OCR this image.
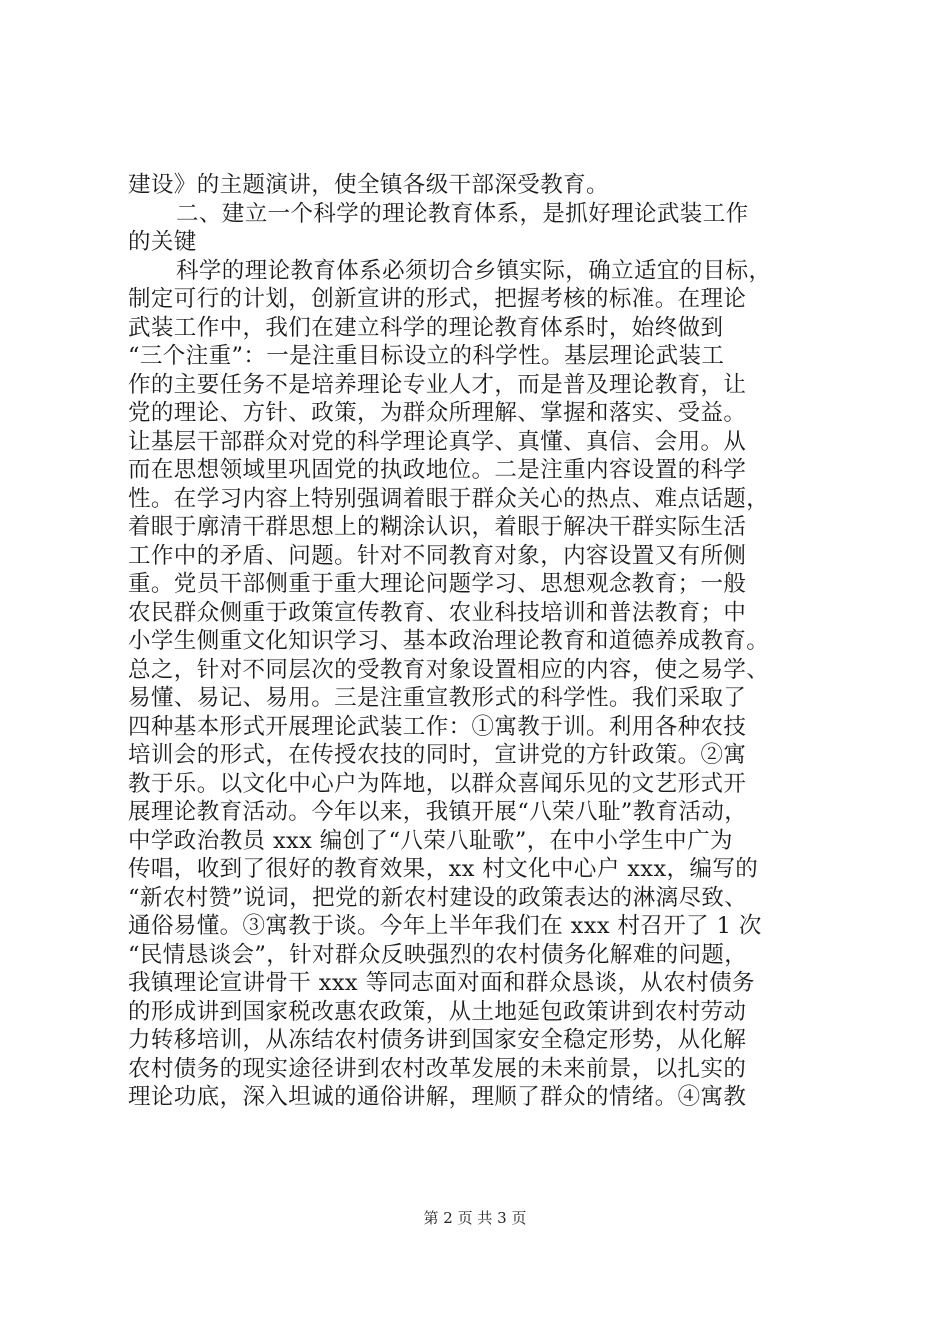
建设》的主题演讲，使全镇各级干部深受教育。
二、建立一个科学的理论教育体系，是抓好理论武装工作
的关键
科学的理论教育体系必须切合乡镇实际，确立适宜的目标，
制定可行的计划，创新宣讲的形式，把握考核的标准。在理论
武装工作中，我们在建立科学的理论教育体系时，始终做到
“三个注重”：一是注重目标设立的科学性。基层理论武装工
作的主要任务不是培养理论专业人才，而是普及理论教育，让
党的理论、方针、政策，为群众所理解、掌握和落实、受益。
让基层干部群众对党的科学理论真学、真懂、真信、会用。从
而在思想领域里巩固党的执政地位。二是注重内容设置的科学
性。在学习内容上特别强调着眼于群众关心的热点、难点话题，
着眼于廓清干群思想上的糊涂认识，着眼于解决干群实际生活
工作中的矛盾、问题。针对不同教育对象，内容设置又有所侧
重。党员干部侧重于重大理论问题学习、思想观念教育；一般
农民群众侧重于政策宣传教育、农业科技培训和普法教育；中
小学生侧重文化知识学习、基本政治理论教育和道德养成教育。
总之，针对不同层次的受教育对象设置相应的内容，使之易学、
易懂、易记、易用。三是注重宣教形式的科学性。我们采取了
四种基本形式开展理论武装工作：①寓教于训。利用各种农技
培训会的形式，在传授农技的同时，宣讲党的方针政策。②寓
教于乐。以文化中心户为阵地，以群众喜闻乐见的文艺形式开
展理论教育活动。今年以来，我镇开展“八荣八耻”教育活动，
中学政治教员 xxx 编创了“八荣八耻歌”，在中小学生中广为
传唱，收到了很好的教育效果，xx 村文化中心户 xxx，编写的
“新农村赞”说词，把党的新农村建设的政策表达的淋漓尽致、
通俗易懂。③寓教于谈。今年上半年我们在 xxx 村召开了 1 次
“民情恳谈会”，针对群众反映强烈的农村债务化解难的问题，
我镇理论宣讲骨干 xxx 等同志面对面和群众恳谈，从农村债务
的形成讲到国家税改惠农政策，从土地延包政策讲到农村劳动
力转移培训，从冻结农村债务讲到国家安全稳定形势，从化解
农村债务的现实途径讲到农村改革发展的未来前景，以扎实的
理论功底，深入坦诚的通俗讲解，理顺了群众的情绪。④寓教
第 2 页 共 3 页
